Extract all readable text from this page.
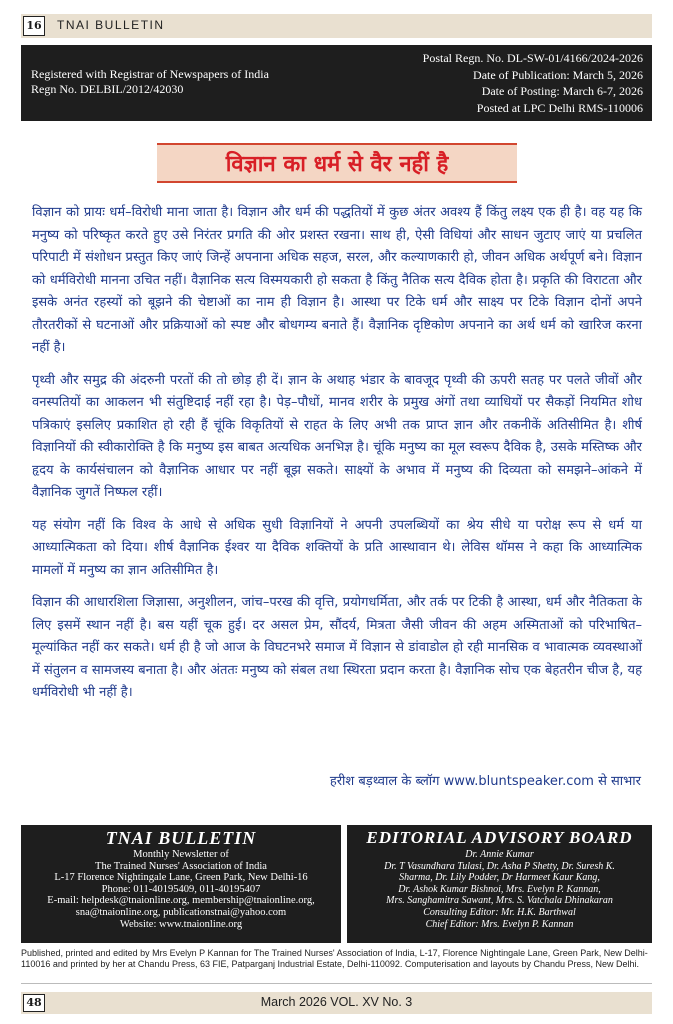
16 TNAI BULLETIN
Registered with Registrar of Newspapers of India
Regn No. DELBIL/2012/42030
Postal Regn. No. DL-SW-01/4166/2024-2026
Date of Publication: March 5, 2026
Date of Posting: March 6-7, 2026
Posted at LPC Delhi RMS-110006
विज्ञान का धर्म से वैर नहीं है

विज्ञान को प्रायः धर्म–विरोधी माना जाता है। विज्ञान और धर्म की पद्धतियों में कुछ अंतर अवश्य हैं किंतु लक्ष्य एक ही है। वह यह कि मनुष्य को परिष्कृत करते हुए उसे निरंतर प्रगति की ओर प्रशस्त रखना। साथ ही, ऐसी विधियां और साधन जुटाए जाएं या प्रचलित परिपाटी में संशोधन प्रस्तुत किए जाएं जिन्हें अपनाना अधिक सहज, सरल, और कल्याणकारी हो, जीवन अधिक अर्थपूर्ण बने। विज्ञान को धर्मविरोधी मानना उचित नहीं। वैज्ञानिक सत्य विस्मयकारी हो सकता है किंतु नैतिक सत्य दैविक होता है। प्रकृति की विराटता और इसके अनंत रहस्यों को बूझने की चेष्टाओं का नाम ही विज्ञान है। आस्था पर टिके धर्म और साक्ष्य पर टिके विज्ञान दोनों अपने तौरतरीकों से घटनाओं और प्रक्रियाओं को स्पष्ट और बोधगम्य बनाते हैं। वैज्ञानिक दृष्टिकोण अपनाने का अर्थ धर्म को खारिज करना नहीं है।

पृथ्वी और समुद्र की अंदरुनी परतों की तो छोड़ ही दें। ज्ञान के अथाह भंडार के बावजूद पृथ्वी की ऊपरी सतह पर पलते जीवों और वनस्पतियों का आकलन भी संतुष्टिदाई नहीं रहा है। पेड़–पौधों, मानव शरीर के प्रमुख अंगों तथा व्याधियों पर सैकड़ों नियमित शोध पत्रिकाएं इसलिए प्रकाशित हो रही हैं चूंकि विकृतियों से राहत के लिए अभी तक प्राप्त ज्ञान और तकनीकें अतिसीमित है। शीर्ष विज्ञानियों की स्वीकारोक्ति है कि मनुष्य इस बाबत अत्यधिक अनभिज्ञ है। चूंकि मनुष्य का मूल स्वरूप दैविक है, उसके मस्तिष्क और हृदय के कार्यसंचालन को वैज्ञानिक आधार पर नहीं बूझ सकते। साक्ष्यों के अभाव में मनुष्य की दिव्यता को समझने–आंकने में वैज्ञानिक जुगतें निष्फल रहीं।

यह संयोग नहीं कि विश्व के आधे से अधिक सुधी विज्ञानियों ने अपनी उपलब्धियों का श्रेय सीधे या परोक्ष रूप से धर्म या आध्यात्मिकता को दिया। शीर्ष वैज्ञानिक ईश्वर या दैविक शक्तियों के प्रति आस्थावान थे। लेविस थॉमस ने कहा कि आध्यात्मिक मामलों में मनुष्य का ज्ञान अतिसीमित है।

विज्ञान की आधारशिला जिज्ञासा, अनुशीलन, जांच–परख की वृत्ति, प्रयोगधर्मिता, और तर्क पर टिकी है आस्था, धर्म और नैतिकता के लिए इसमें स्थान नहीं है। बस यहीं चूक हुई। दर असल प्रेम, सौंदर्य, मित्रता जैसी जीवन की अहम अस्मिताओं को परिभाषित–मूल्यांकित नहीं कर सकते। धर्म ही है जो आज के विघटनभरे समाज में विज्ञान से डांवाडोल हो रही मानसिक व भावात्मक व्यवस्थाओं में संतुलन व सामजस्य बनाता है। और अंततः मनुष्य को संबल तथा स्थिरता प्रदान करता है। वैज्ञानिक सोच एक बेहतरीन चीज है, यह धर्मविरोधी भी नहीं है।

हरीश बड़थ्वाल के ब्लॉग www.bluntspeaker.com से साभार
TNAI BULLETIN
Monthly Newsletter of
The Trained Nurses' Association of India
L-17 Florence Nightingale Lane, Green Park, New Delhi-16
Phone: 011-40195409, 011-40195407
E-mail: helpdesk@tnaionline.org, membership@tnaionline.org,
sna@tnaionline.org, publicationstnai@yahoo.com
Website: www.tnaionline.org
EDITORIAL ADVISORY BOARD
Dr. Annie Kumar
Dr. T Vasundhara Tulasi, Dr. Asha P Shetty, Dr. Suresh K.
Sharma, Dr. Lily Podder, Dr Harmeet Kaur Kang,
Dr. Ashok Kumar Bishnoi, Mrs. Evelyn P. Kannan,
Mrs. Sanghamitra Sawant, Mrs. S. Vatchala Dhinakaran
Consulting Editor: Mr. H.K. Barthwal
Chief Editor: Mrs. Evelyn P. Kannan
Published, printed and edited by Mrs Evelyn P Kannan for The Trained Nurses' Association of India, L-17, Florence Nightingale Lane, Green Park, New Delhi-110016 and printed by her at Chandu Press, 63 FIE, Patparganj Industrial Estate, Delhi-110092. Computerisation and layouts by Chandu Press, New Delhi.
48	March 2026 VOL. XV No. 3
